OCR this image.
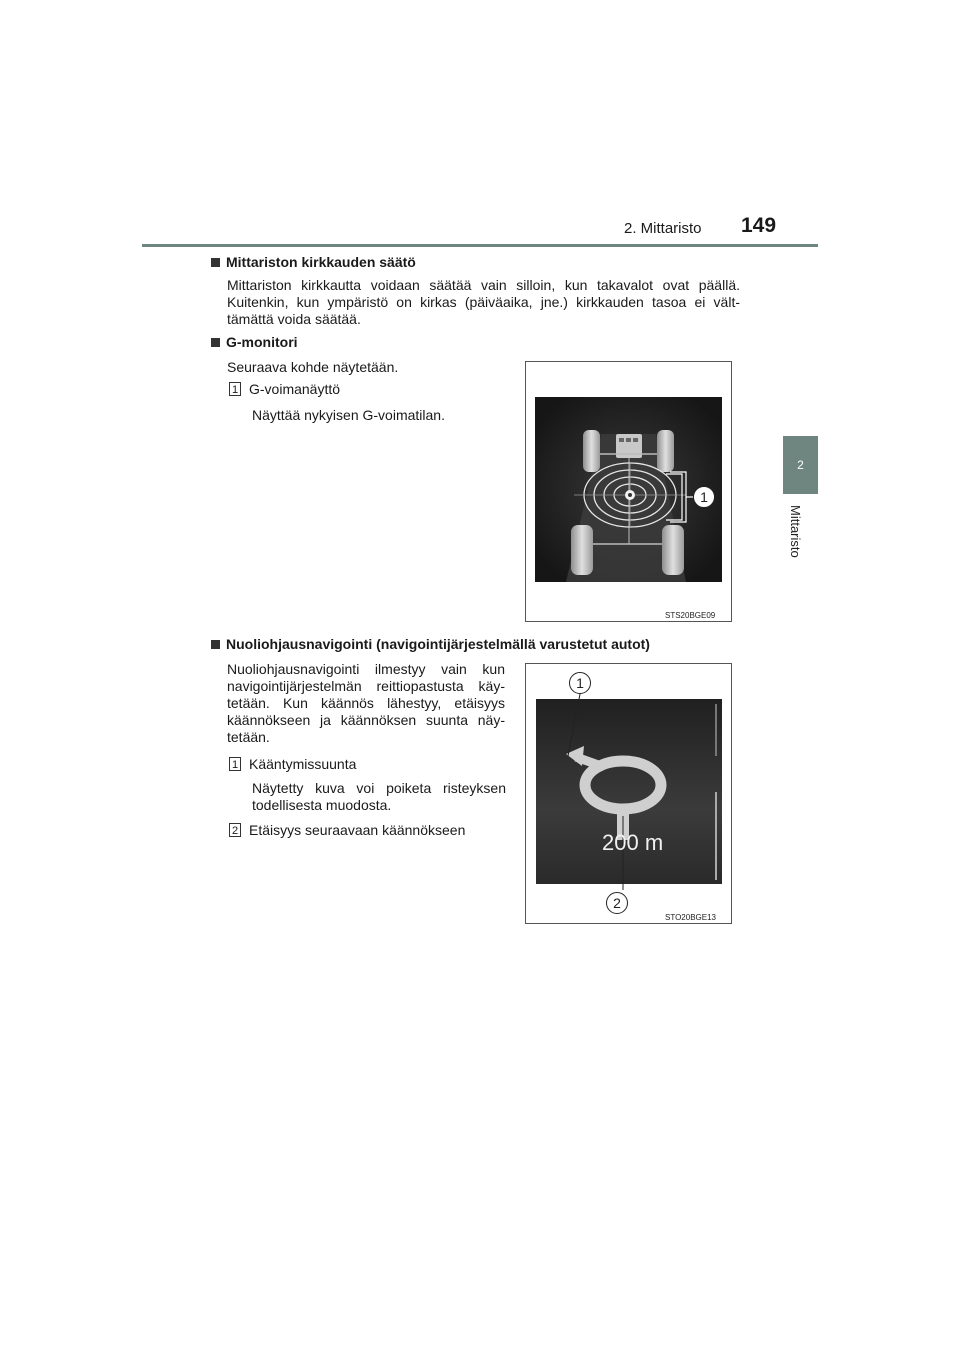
2. Mittaristo 149
2
Mittaristo
Mittariston kirkkauden säätö
Mittariston kirkkautta voidaan säätää vain silloin, kun takavalot ovat päällä. Kuitenkin, kun ympäristö on kirkas (päiväaika, jne.) kirkkauden tasoa ei vält-tämättä voida säätää.
G-monitori
Seuraava kohde näytetään.
1 G-voimanäyttö
Näyttää nykyisen G-voimatilan.
1
STS20BGE09
Nuoliohjausnavigointi (navigointijärjestelmällä varustetut autot)
Nuoliohjausnavigointi ilmestyy vain kun navigointijärjestelmän reittiopastusta käy-tetään. Kun käännös lähestyy, etäisyys käännökseen ja käännöksen suunta näy-tetään.
1 Kääntymissuunta
Näytetty kuva voi poiketa risteyksen todellisesta muodosta.
2 Etäisyys seuraavaan käännökseen
1
200 m
2
STO20BGE13
